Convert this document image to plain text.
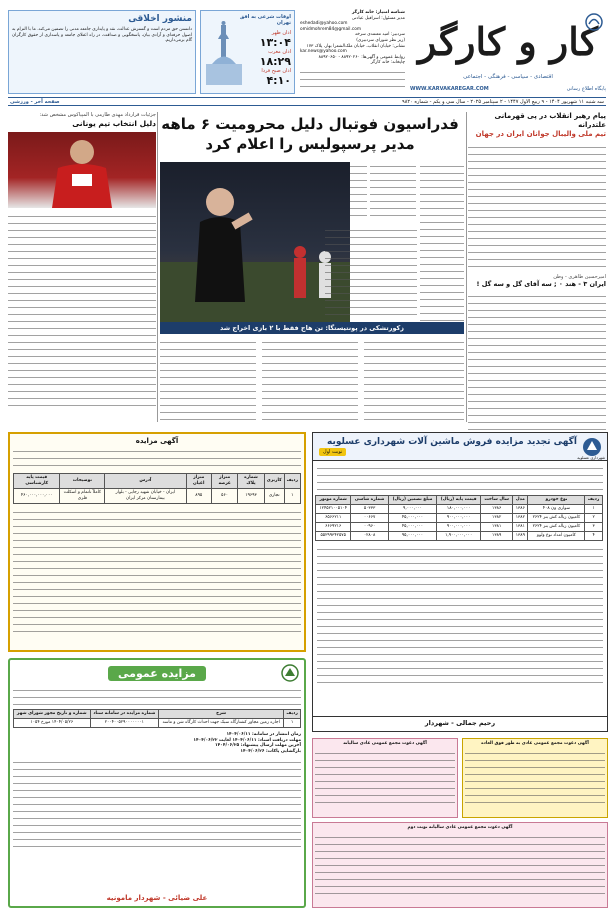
کار و کارگر
اقتصادی - سیاسی - فرهنگی - اجتماعی
پایگاه اطلاع رسانی
WWW.KARVAKAREGAR.COM
شناسه امتیاز: خانه کارگر
مدیر مسئول: اسرافیل عبادتی
eshedadi@yahoo.com
omidmohrem84@gmail.com
سردبیر: امید معتمدی سرخه
(زیر نظر شورای سردبیری)
نشانی: خیابان انقلاب، خیابان ملک‌الشعرا بهار، پلاک ۱۷۳
kar.news@yahoo.com
روابط عمومی و آگهی‌ها: ۸۸۹۲۰۲۶۰ - ۸۸۹۲۰۶۵۰
چاپخانه: خانه کارگر
اوقات شرعی به افق تهران
اذان ظهر
۱۳:۰۴
اذان مغرب
۱۸:۲۹
اذان صبح فردا
۴:۱۰
منشور اخلاقی
دانستن حق مردم است و گسترش عدالت، نقد و پایداری جامعه مدنی را تضمین می‌کند. ما با التزام به اصول حرفه‌ای و آزادی بیان، پاسخگویی و صداقت، در راه اعتلای جامعه و پاسداری از حقوق کارگران گام برمی‌داریم.
سه شنبه ۱۱ شهریور ۱۴۰۴ - ۹ ربیع الاول ۱۴۴۷ - ۲ سپتامبر ۲۰۲۵ - سال سی و یکم - شماره ۹۸۲۰
صفحه آخر - ورزشی
پیام رهبر انقلاب در پی قهرمانی علتدرانه
تیم ملی والیبال جوانان ایران در جهان
امیرحسین طاهری - وطن
ایران ۳ - هند ۰ ; سه آقای گل و سه گل !
فدراسیون فوتبال دلیل محرومیت ۶ ماهه
مدیر پرسپولیس را اعلام کرد
زکورتشکی در پونتیستگا: تن هاج فقط با ۲ بازی اخراج شد
جزئیات قرارداد مهدی طارمی با المپیاکوس مشخص شد:
دلیل انتخاب تیم یونانی
آگهی تجدید مزایده فروش ماشین آلات شهرداری عسلویه
نوبت اول
شهرداری عسلویه
ردیف	نوع خودرو	مدل	سال ساخت	قیمت پایه (ریال)	مبلغ تضمین (ریال)	شماره شاسی	شماره موتور
۱	سواری ون ۴۰۸	۱۳۸۶	۱۳۸۶	۱۸۰,۰۰۰,۰۰۰	۹,۰۰۰,۰۰۰	۵۰۳۳۳	۱۲۴۵۲۱۰۰۵۱۰۴
۲	کامیون زباله کش بنز ۲۶۲۴	۱۳۸۲	۱۳۸۲	۹۰۰,۰۰۰,۰۰۰	۴۵,۰۰۰,۰۰۰	۰۰۶۶۷	۶۵۶۶۲۱۱
۳	کامیون زباله کش بنز ۲۶۲۴	۱۳۸۱	۱۳۸۱	۹۰۰,۰۰۰,۰۰۰	۴۵,۰۰۰,۰۰۰	۰۰۹۶۰	۶۶۶۹۲۱۶
۴	کامیون امداد نوع ولوو	۱۳۸۹	۱۳۸۹	۱,۹۰۰,۰۰۰,۰۰۰	۹۵,۰۰۰,۰۰۰	۰۲۸۰۸	۵۵۲۹۹۳۴۲۵۷۵
رحیم جمالی - شهردار
آگهی مزایده
ردیف	کاربری	شماره پلاک	متراژ عرصه	متراژ اعیان	آدرس	توضیحات	قیمت پایه کارشناسی
۱	تجاری	۱۹۶۹۳	۵۶۰	۸۹۵	ایران - خیابان شهید رجایی - بلوار بیمارستان مرکز ایران	کاملاً ناتمام و اسکلت فلزی	۴۶۰,۰۰۰,۰۰۰,۰۰۰
مزایده عمومی
ردیف	شرح	شماره مزایده در سامانه ستاد	شماره و تاریخ مجوز شورای شهر
۱	اجاره زمین مجاور کشتارگاه سبک جهت احداث کارگاه شن و ماسه	۲۰۰۴۰۰۵۲۹۰۰۰۰۰۰۰۱	۱۴۰۴/۰۵/۲۶ مورخ ۱۰۵۴
زمان انتشار در سامانه: ۱۴۰۴/۰۶/۱۱
مهلت دریافت اسناد: ۱۴۰۴/۰۶/۱۱ لغایت ۱۴۰۴/۰۶/۲۲
آخرین مهلت ارسال پیشنهاد: ۱۴۰۴/۰۶/۲۵
بازگشایی پاکات: ۱۴۰۴/۰۶/۲۶
علی ضیائی - شهردار مامونیه
آگهی دعوت مجمع عمومی عادی سالیانه	آگهی دعوت مجمع عمومی عادی به طور فوق العاده
آگهی دعوت مجمع عمومی عادی سالیانه نوبت دوم
